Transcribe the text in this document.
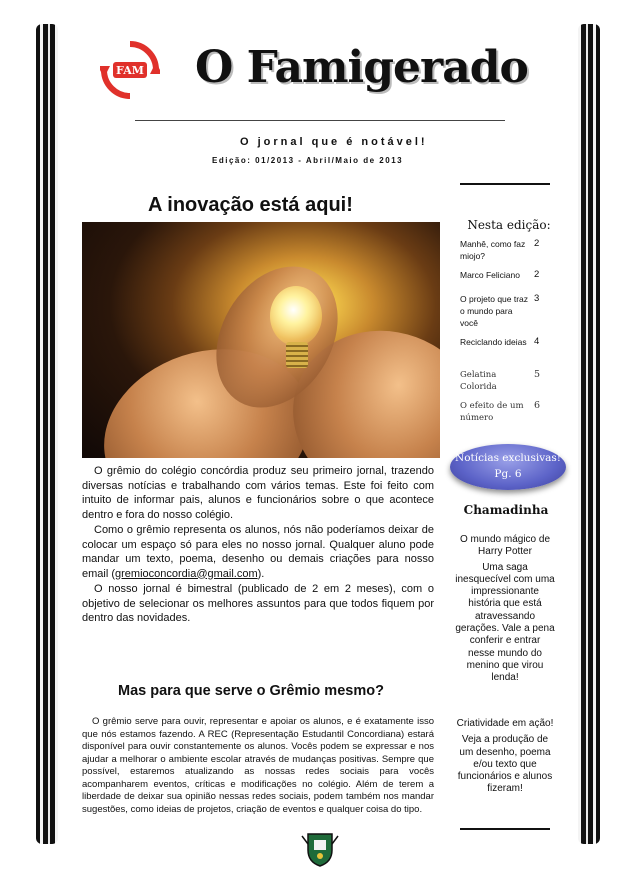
FAM O Famigerado
O jornal que é notável!
Edição: 01/2013 - Abril/Maio de 2013
A inovação está aqui!
O grêmio do colégio concórdia produz seu primeiro jornal, trazendo diversas notícias e trabalhando com vários temas. Este foi feito com intuito de informar pais, alunos e funcionários sobre o que acontece dentro e fora do nosso colégio.
Como o grêmio representa os alunos, nós não poderíamos deixar de colocar um espaço só para eles no nosso jornal. Qualquer aluno pode mandar um texto, poema, desenho ou demais criações para nosso email (gremioconcordia@gmail.com).
O nosso jornal é bimestral (publicado de 2 em 2 meses), com o objetivo de selecionar os melhores assuntos para que todos fiquem por dentro das novidades.
Mas para que serve o Grêmio mesmo?
O grêmio serve para ouvir, representar e apoiar os alunos, e é exatamente isso que nós estamos fazendo. A REC (Representação Estudantil Concordiana) estará disponível para ouvir constantemente os alunos. Vocês podem se expressar e nos ajudar a melhorar o ambiente escolar através de mudanças positivas. Sempre que possível, estaremos atualizando as nossas redes sociais para vocês acompanharem eventos, críticas e modificações no colégio. Além de terem a liberdade de deixar sua opinião nessas redes sociais, podem também nos mandar sugestões, como ideias de projetos, criação de eventos e qualquer coisa do tipo.
Nesta edição:
Manhê, como faz miojo?
2
Marco Feliciano	2
O projeto que traz o mundo para você
3
Reciclando ideias 4
Gelatina Colorida
5
O efeito de um número
6
Notícias exclusivas!
Pg. 6
Chamadinha
O mundo mágico de Harry Potter
Uma saga inesquecível com uma impressionante história que está atravessando gerações. Vale a pena conferir e entrar nesse mundo do menino que virou lenda!
Criatividade em ação!
Veja a produção de um desenho, poema e/ou texto que funcionários e alunos fizeram!
